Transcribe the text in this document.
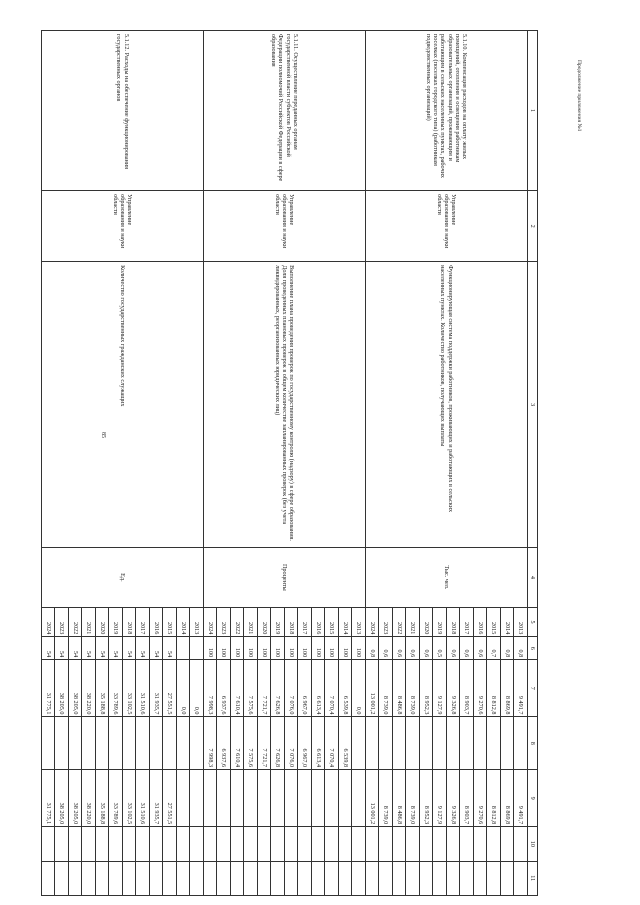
85
Продолжение приложения №1
1	2	3	4	5	6	7	8	9	10	11
5.1.10. Компенсация расходов на оплату жилых помещений, отопления и освещения работникам образовательных организаций, проживающим и работающим в сельских населенных пунктах, рабочих поселках (поселках городского типа) (работникам подведомственных организаций)	Управление образования и науки области	Функционирующая система поддержки работников, проживающих и работающих в сельских населенных пунктах. Количество работников, получающих выплаты	Тыс. чел.	2013	0,8	9 491,7		9 491,7		
				2014	0,8	8 869,8		8 869,8		
				2015	0,7	8 812,8		8 812,8		
				2016	0,6	9 270,6		9 270,6		
				2017	0,6	8 903,7		8 903,7		
				2018	0,6	9 326,8		9 326,8		
				2019	0,5	9 127,9		9 127,9		
				2020	0,6	8 952,3		8 952,3		
				2021	0,6	8 739,0		8 739,0		
				2022	0,6	8 486,8		8 486,8		
				2023	0,6	8 739,0		8 739,0		
				2024	0,8	13 001,2		13 001,2		
5.1.11. Осуществление переданных органам государственной власти субъектов Российской Федерации полномочий Российской Федерации в сфере образования	Управление образования и науки области	Выполнение плана проведения проверок по государственному контролю (надзору) в сфере образования. Доля проведенных плановых проверок в общем количестве запланированных проверок (без учета ликвидированных, реорганизованных юридических лиц)	Проценты	2013	100	0,0				
				2014	100	6 539,8	6 539,8			
				2015	100	7 070,4	7 070,4			
				2016	100	6 613,4	6 613,4			
				2017	100	6 967,0	6 967,0			
				2018	100	7 076,0	7 076,0			
				2019	100	7 626,8	7 626,8			
				2020	100	7 721,7	7 721,7			
				2021	100	7 575,6	7 575,6			
				2022	100	7 610,4	7 610,4			
				2023	100	6 937,6	6 937,6			
				2024	100	7 998,3	7 998,3			
5.1.12. Расходы на обеспечение функционирования государственных органов	Управление образования и науки области	Количество государственных гражданских служащих	Ед.	2013		0,0				
				2014		0,0				
				2015	54	27 551,5		27 551,5		
				2016	54	31 935,7		31 935,7		
				2017	54	31 510,6		31 510,6		
				2018	54	33 102,5		33 102,5		
				2019	54	33 789,6		33 789,6		
				2020	54	35 188,8		35 188,8		
				2021	54	38 220,0		38 220,0		
				2022	54	38 205,0		38 205,0		
				2023	54	38 205,0		38 205,0		
				2024	54	31 775,1		31 775,1		
